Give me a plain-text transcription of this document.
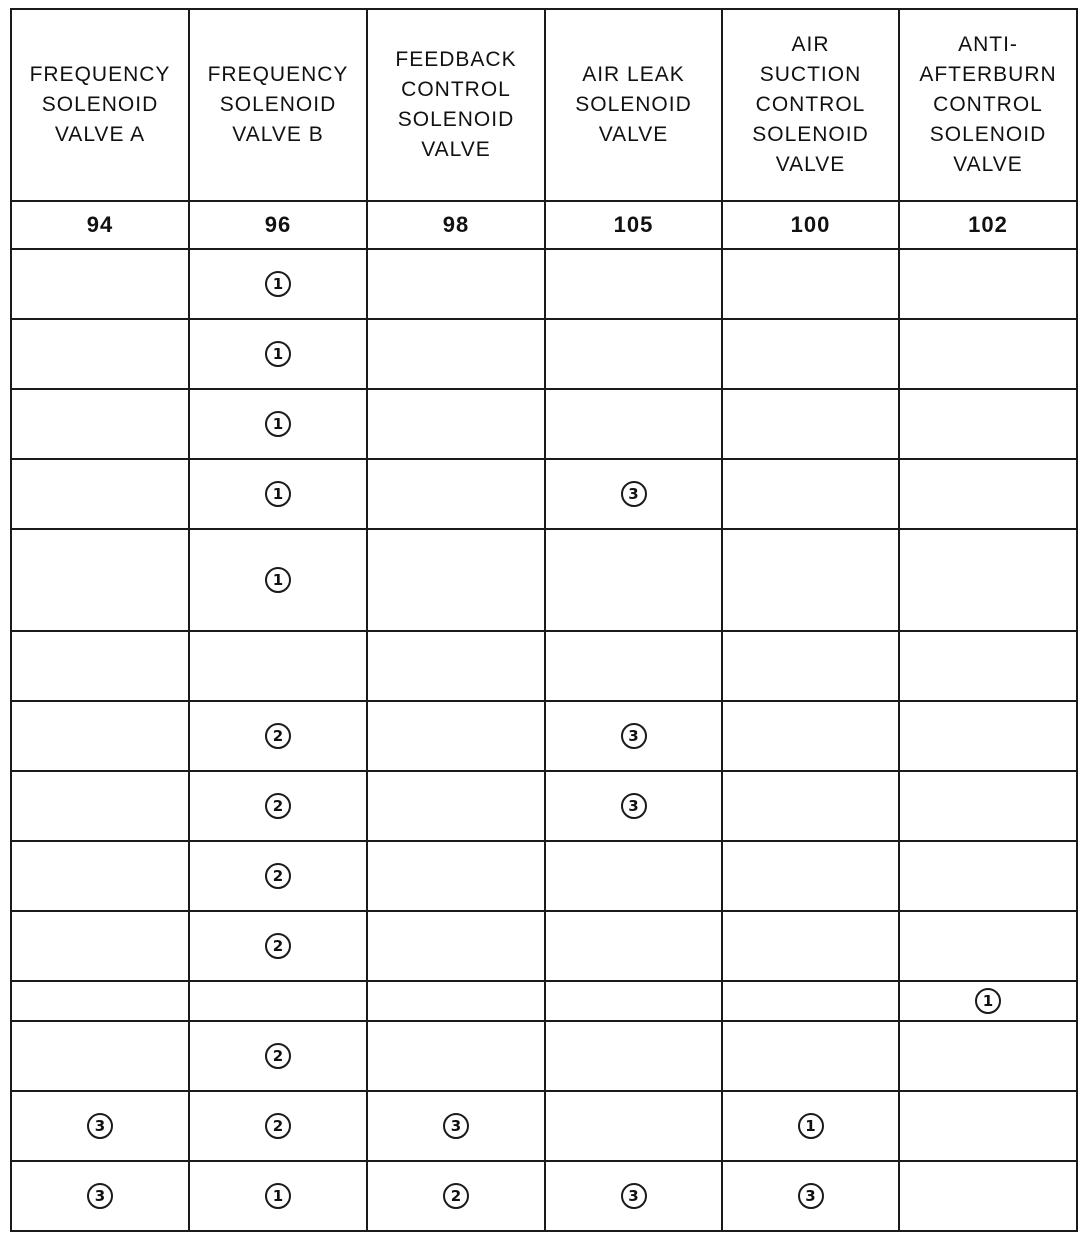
FREQUENCY
SOLENOID
VALVE A	FREQUENCY
SOLENOID
VALVE B	FEEDBACK
CONTROL
SOLENOID
VALVE	AIR LEAK
SOLENOID
VALVE	AIR
SUCTION
CONTROL
SOLENOID
VALVE	ANTI-
AFTERBURN
CONTROL
SOLENOID
VALVE

94	96	98	105	100	102
	1				
	1				
	1				
	1		3		
	1				

	2		3		
	2		3		
	2				
	2				
					1
	2				
3	2	3		1	
3	1	2	3	3	
